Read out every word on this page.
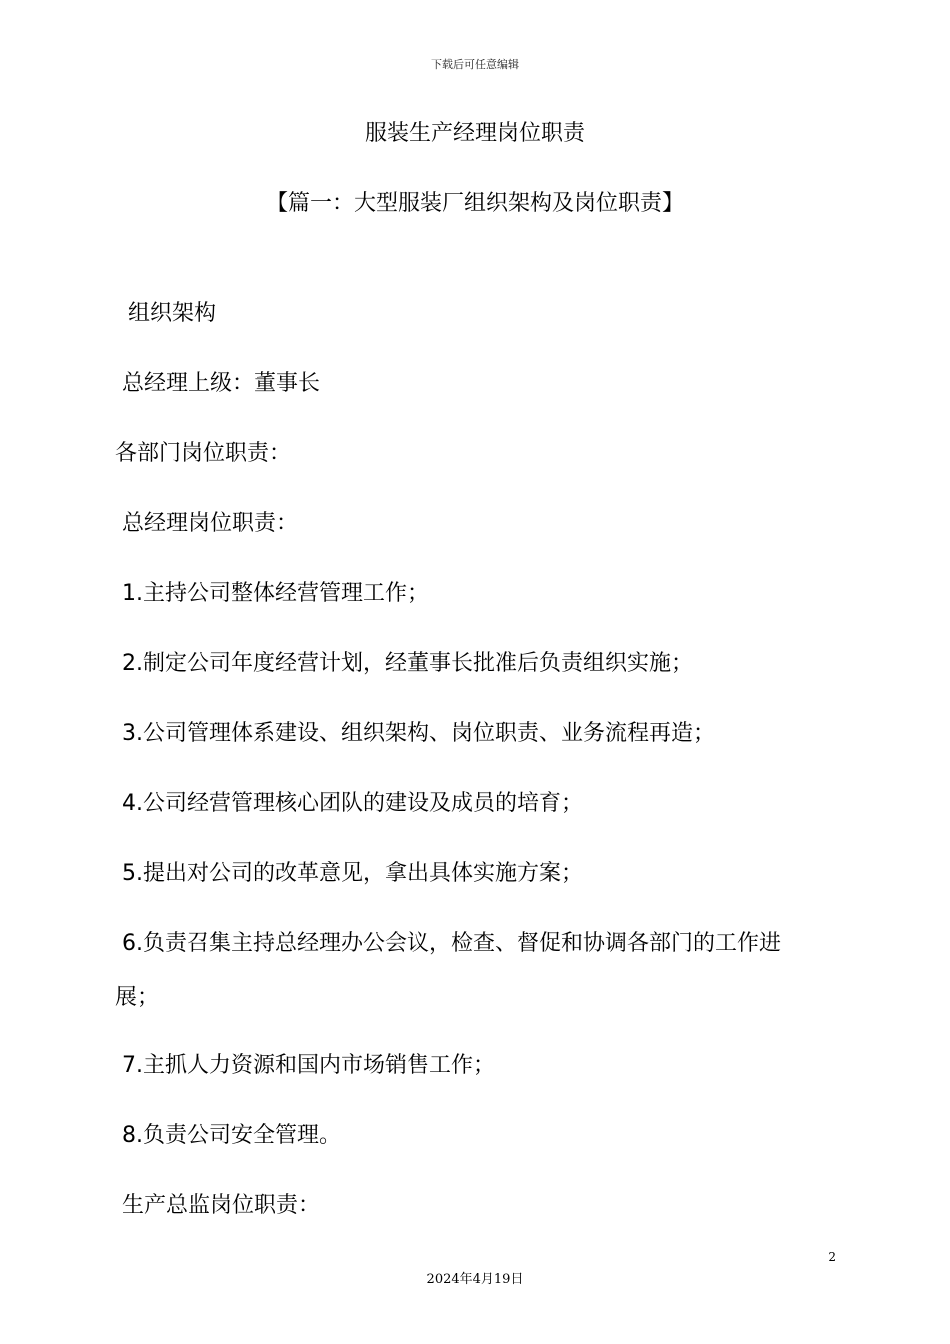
下载后可任意编辑
服装生产经理岗位职责
【篇一：大型服装厂组织架构及岗位职责】
组织架构
总经理上级：董事长
各部门岗位职责：
总经理岗位职责：
1.主持公司整体经营管理工作；
2.制定公司年度经营计划，经董事长批准后负责组织实施；
3.公司管理体系建设、组织架构、岗位职责、业务流程再造；
4.公司经营管理核心团队的建设及成员的培育；
5.提出对公司的改革意见，拿出具体实施方案；
6.负责召集主持总经理办公会议，检查、督促和协调各部门的工作进
展；
7.主抓人力资源和国内市场销售工作；
8.负责公司安全管理。
生产总监岗位职责：
2
2024年4月19日
